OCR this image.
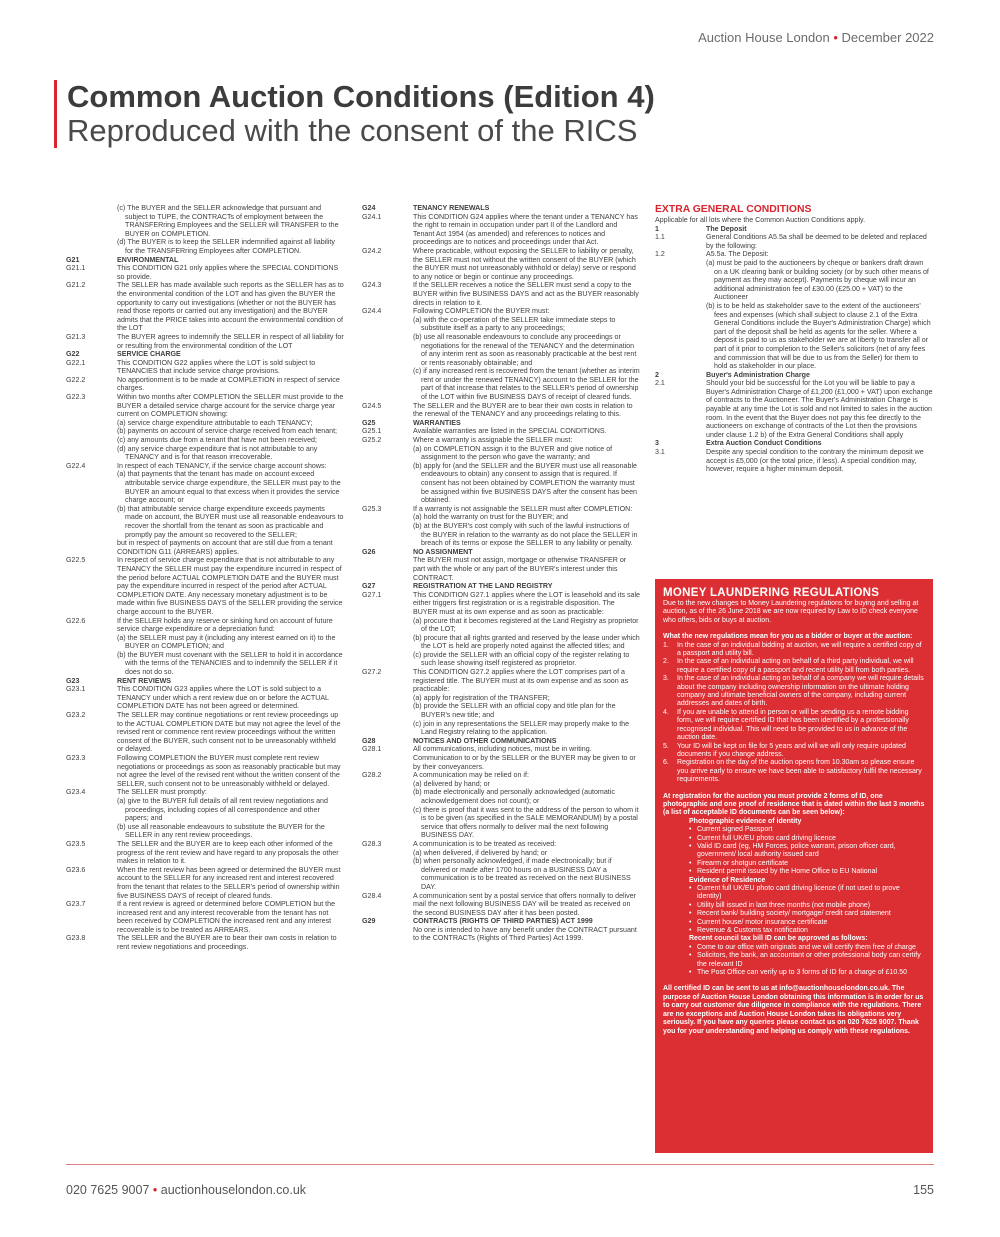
Auction House London • December 2022
Common Auction Conditions (Edition 4)
Reproduced with the consent of the RICS
(c) The BUYER and the SELLER acknowledge that pursuant and subject to TUPE, the CONTRACTs of employment between the TRANSFERring Employees and the SELLER will TRANSFER to the BUYER on COMPLETION.
(d) The BUYER is to keep the SELLER indemnified against all liability for the TRANSFERring Employees after COMPLETION.
G21	ENVIRONMENTAL
G21.1	This CONDITION G21 only applies where the SPECIAL CONDITIONS so provide.
G21.2	The SELLER has made available such reports as the SELLER has as to the environmental condition of the LOT and has given the BUYER the opportunity to carry out investigations (whether or not the BUYER has read those reports or carried out any investigation) and the BUYER admits that the PRICE takes into account the environmental condition of the LOT
G21.3	The BUYER agrees to indemnify the SELLER in respect of all liability for or resulting from the environmental condition of the LOT
G22	SERVICE CHARGE
G22.1	This CONDITION G22 applies where the LOT is sold subject to TENANCIES that include service charge provisions.
G22.2	No apportionment is to be made at COMPLETION in respect of service charges.
G22.3	Within two months after COMPLETION the SELLER must provide to the BUYER a detailed service charge account for the service charge year current on COMPLETION showing:
(a) service charge expenditure attributable to each TENANCY;
(b) payments on account of service charge received from each tenant;
(c) any amounts due from a tenant that have not been received;
(d) any service charge expenditure that is not attributable to any TENANCY and is for that reason irrecoverable.
G22.4	In respect of each TENANCY, if the service charge account shows:
(a) that payments that the tenant has made on account exceed attributable service charge expenditure, the SELLER must pay to the BUYER an amount equal to that excess when it provides the service charge account; or
(b) that attributable service charge expenditure exceeds payments made on account, the BUYER must use all reasonable endeavours to recover the shortfall from the tenant as soon as practicable and promptly pay the amount so recovered to the SELLER;
but in respect of payments on account that are still due from a tenant CONDITION G11 (ARREARS) applies.
G22.5	In respect of service charge expenditure that is not attributable to any TENANCY the SELLER must pay the expenditure incurred in respect of the period before ACTUAL COMPLETION DATE and the BUYER must pay the expenditure incurred in respect of the period after ACTUAL COMPLETION DATE. Any necessary monetary adjustment is to be made within five BUSINESS DAYS of the SELLER providing the service charge account to the BUYER.
G22.6	If the SELLER holds any reserve or sinking fund on account of future service charge expenditure or a depreciation fund:
(a) the SELLER must pay it (including any interest earned on it) to the BUYER on COMPLETION; and
(b) the BUYER must covenant with the SELLER to hold it in accordance with the terms of the TENANCIES and to indemnify the SELLER if it does not do so.
G23	RENT REVIEWS
G23.1	This CONDITION G23 applies where the LOT is sold subject to a TENANCY under which a rent review due on or before the ACTUAL COMPLETION DATE has not been agreed or determined.
G23.2	The SELLER may continue negotiations or rent review proceedings up to the ACTUAL COMPLETION DATE but may not agree the level of the revised rent or commence rent review proceedings without the written consent of the BUYER, such consent not to be unreasonably withheld or delayed.
G23.3	Following COMPLETION the BUYER must complete rent review negotiations or proceedings as soon as reasonably practicable but may not agree the level of the revised rent without the written consent of the SELLER, such consent not to be unreasonably withheld or delayed.
G23.4	The SELLER must promptly:
(a) give to the BUYER full details of all rent review negotiations and proceedings, including copies of all correspondence and other papers; and
(b) use all reasonable endeavours to substitute the BUYER for the SELLER in any rent review proceedings.
G23.5	The SELLER and the BUYER are to keep each other informed of the progress of the rent review and have regard to any proposals the other makes in relation to it.
G23.6	When the rent review has been agreed or determined the BUYER must account to the SELLER for any increased rent and interest recovered from the tenant that relates to the SELLER's period of ownership within five BUSINESS DAYS of receipt of cleared funds.
G23.7	If a rent review is agreed or determined before COMPLETION but the increased rent and any interest recoverable from the tenant has not been received by COMPLETION the increased rent and any interest recoverable is to be treated as ARREARS.
G23.8	The SELLER and the BUYER are to bear their own costs in relation to rent review negotiations and proceedings.
G24	TENANCY RENEWALS
G24.1	This CONDITION G24 applies where the tenant under a TENANCY has the right to remain in occupation under part II of the Landlord and Tenant Act 1954 (as amended) and references to notices and proceedings are to notices and proceedings under that Act.
G24.2	Where practicable, without exposing the SELLER to liability or penalty, the SELLER must not without the written consent of the BUYER (which the BUYER must not unreasonably withhold or delay) serve or respond to any notice or begin or continue any proceedings.
G24.3	If the SELLER receives a notice the SELLER must send a copy to the BUYER within five BUSINESS DAYS and act as the BUYER reasonably directs in relation to it.
G24.4	Following COMPLETION the BUYER must:
(a) with the co-operation of the SELLER take immediate steps to substitute itself as a party to any proceedings;
(b) use all reasonable endeavours to conclude any proceedings or negotiations for the renewal of the TENANCY and the determination of any interim rent as soon as reasonably practicable at the best rent or rents reasonably obtainable; and
(c) if any increased rent is recovered from the tenant (whether as interim rent or under the renewed TENANCY) account to the SELLER for the part of that increase that relates to the SELLER's period of ownership of the LOT within five BUSINESS DAYS of receipt of cleared funds.
G24.5	The SELLER and the BUYER are to bear their own costs in relation to the renewal of the TENANCY and any proceedings relating to this.
G25	WARRANTIES
G25.1	Available warranties are listed in the SPECIAL CONDITIONS.
G25.2	Where a warranty is assignable the SELLER must:
(a) on COMPLETION assign it to the BUYER and give notice of assignment to the person who gave the warranty; and
(b) apply for (and the SELLER and the BUYER must use all reasonable endeavours to obtain) any consent to assign that is required. If consent has not been obtained by COMPLETION the warranty must be assigned within five BUSINESS DAYS after the consent has been obtained.
G25.3	If a warranty is not assignable the SELLER must after COMPLETION:
(a) hold the warranty on trust for the BUYER; and
(b) at the BUYER's cost comply with such of the lawful instructions of the BUYER in relation to the warranty as do not place the SELLER in breach of its terms or expose the SELLER to any liability or penalty.
G26	NO ASSIGNMENT
The BUYER must not assign, mortgage or otherwise TRANSFER or part with the whole or any part of the BUYER's interest under this CONTRACT.
G27	REGISTRATION AT THE LAND REGISTRY
G27.1	This CONDITION G27.1 applies where the LOT is leasehold and its sale either triggers first registration or is a registrable disposition. The BUYER must at its own expense and as soon as practicable:
(a) procure that it becomes registered at the Land Registry as proprietor of the LOT;
(b) procure that all rights granted and reserved by the lease under which the LOT is held are properly noted against the affected titles; and
(c) provide the SELLER with an official copy of the register relating to such lease showing itself registered as proprietor.
G27.2	This CONDITION G27.2 applies where the LOT comprises part of a registered title. The BUYER must at its own expense and as soon as practicable:
(a) apply for registration of the TRANSFER;
(b) provide the SELLER with an official copy and title plan for the BUYER's new title; and
(c) join in any representations the SELLER may properly make to the Land Registry relating to the application.
G28	NOTICES AND OTHER COMMUNICATIONS
G28.1	All communications, including notices, must be in writing. Communication to or by the SELLER or the BUYER may be given to or by their conveyancers.
G28.2	A communication may be relied on if:
(a) delivered by hand; or
(b) made electronically and personally acknowledged (automatic acknowledgement does not count); or
(c) there is proof that it was sent to the address of the person to whom it is to be given (as specified in the SALE MEMORANDUM) by a postal service that offers normally to deliver mail the next following BUSINESS DAY.
G28.3	A communication is to be treated as received:
(a) when delivered, if delivered by hand; or
(b) when personally acknowledged, if made electronically; but if delivered or made after 1700 hours on a BUSINESS DAY a communication is to be treated as received on the next BUSINESS DAY.
G28.4	A communication sent by a postal service that offers normally to deliver mail the next following BUSINESS DAY will be treated as received on the second BUSINESS DAY after it has been posted.
G29	CONTRACTS (RIGHTS OF THIRD PARTIES) ACT 1999
No one is intended to have any benefit under the CONTRACT pursuant to the CONTRACTs (Rights of Third Parties) Act 1999.
EXTRA GENERAL CONDITIONS
Applicable for all lots where the Common Auction Conditions apply.
1	The Deposit
1.1	General Conditions A5.5a shall be deemed to be deleted and replaced by the following:
1.2	A5.5a. The Deposit:
(a) must be paid to the auctioneers by cheque or bankers draft drawn on a UK clearing bank or building society (or by such other means of payment as they may accept). Payments by cheque will incur an additional administration fee of £30.00 (£25.00 + VAT) to the Auctioneer
(b) is to be held as stakeholder save to the extent of the auctioneers' fees and expenses (which shall subject to clause 2.1 of the Extra General Conditions include the Buyer's Administration Charge) which part of the deposit shall be held as agents for the seller. Where a deposit is paid to us as stakeholder we are at liberty to transfer all or part of it prior to completion to the Seller's solicitors (net of any fees and commission that will be due to us from the Seller) for them to hold as stakeholder in our place.
2	Buyer's Administration Charge
2.1	Should your bid be successful for the Lot you will be liable to pay a Buyer's Administration Charge of £1,200 (£1,000 + VAT) upon exchange of contracts to the Auctioneer. The Buyer's Administration Charge is payable at any time the Lot is sold and not limited to sales in the auction room. In the event that the Buyer does not pay this fee directly to the auctioneers on exchange of contracts of the Lot then the provisions under clause 1.2 b) of the Extra General Conditions shall apply
3	Extra Auction Conduct Conditions
3.1	Despite any special condition to the contrary the minimum deposit we accept is £5,000 (or the total price, if less). A special condition may, however, require a higher minimum deposit.
MONEY LAUNDERING REGULATIONS
Due to the new changes to Money Laundering regulations for buying and selling at auction, as of the 26 June 2018 we are now required by Law to ID check everyone who offers, bids or buys at auction.
What the new regulations mean for you as a bidder or buyer at the auction:
1.	In the case of an individual bidding at auction, we will require a certified copy of a passport and utility bill.
2.	In the case of an individual acting on behalf of a third party individual, we will require a certified copy of a passport and recent utility bill from both parties.
3.	In the case of an individual acting on behalf of a company we will require details about the company including ownership information on the ultimate holding company and ultimate beneficial owners of the company, including current addresses and dates of birth.
4.	If you are unable to attend in person or will be sending us a remote bidding form, we will require certified ID that has been identified by a professionally recognised individual. This will need to be provided to us in advance of the auction date.
5.	Your ID will be kept on file for 5 years and will we will only require updated documents if you change address.
6.	Registration on the day of the auction opens from 10.30am so please ensure you arrive early to ensure we have been able to satisfactory fulfil the necessary requirements.
At registration for the auction you must provide 2 forms of ID, one photographic and one proof of residence that is dated within the last 3 months (a list of acceptable ID documents can be seen below):
Photographic evidence of identity
• Current signed Passport
• Current full UK/EU photo card driving licence
• Valid ID card (eg, HM Forces, police warrant, prison officer card, government/ local authority issued card
• Firearm or shotgun certificate
• Resident permit issued by the Home Office to EU National
Evidence of Residence
• Current full UK/EU photo card driving licence (if not used to prove identity)
• Utility bill issued in last three months (not mobile phone)
• Recent bank/ building society/ mortgage/ credit card statement
• Current house/ motor insurance certificate
• Revenue & Customs tax notification
Recent council tax bill ID can be approved as follows:
• Come to our office with originals and we will certify them free of charge
• Solicitors, the bank, an accountant or other professional body can certify the relevant ID
• The Post Office can verify up to 3 forms of ID for a charge of £10.50
All certified ID can be sent to us at info@auctionhouselondon.co.uk. The purpose of Auction House London obtaining this information is in order for us to carry out customer due diligence in compliance with the regulations. There are no exceptions and Auction House London takes its obligations very seriously. If you have any queries please contact us on 020 7625 9007. Thank you for your understanding and helping us comply with these regulations.
020 7625 9007 • auctionhouselondon.co.uk	155
